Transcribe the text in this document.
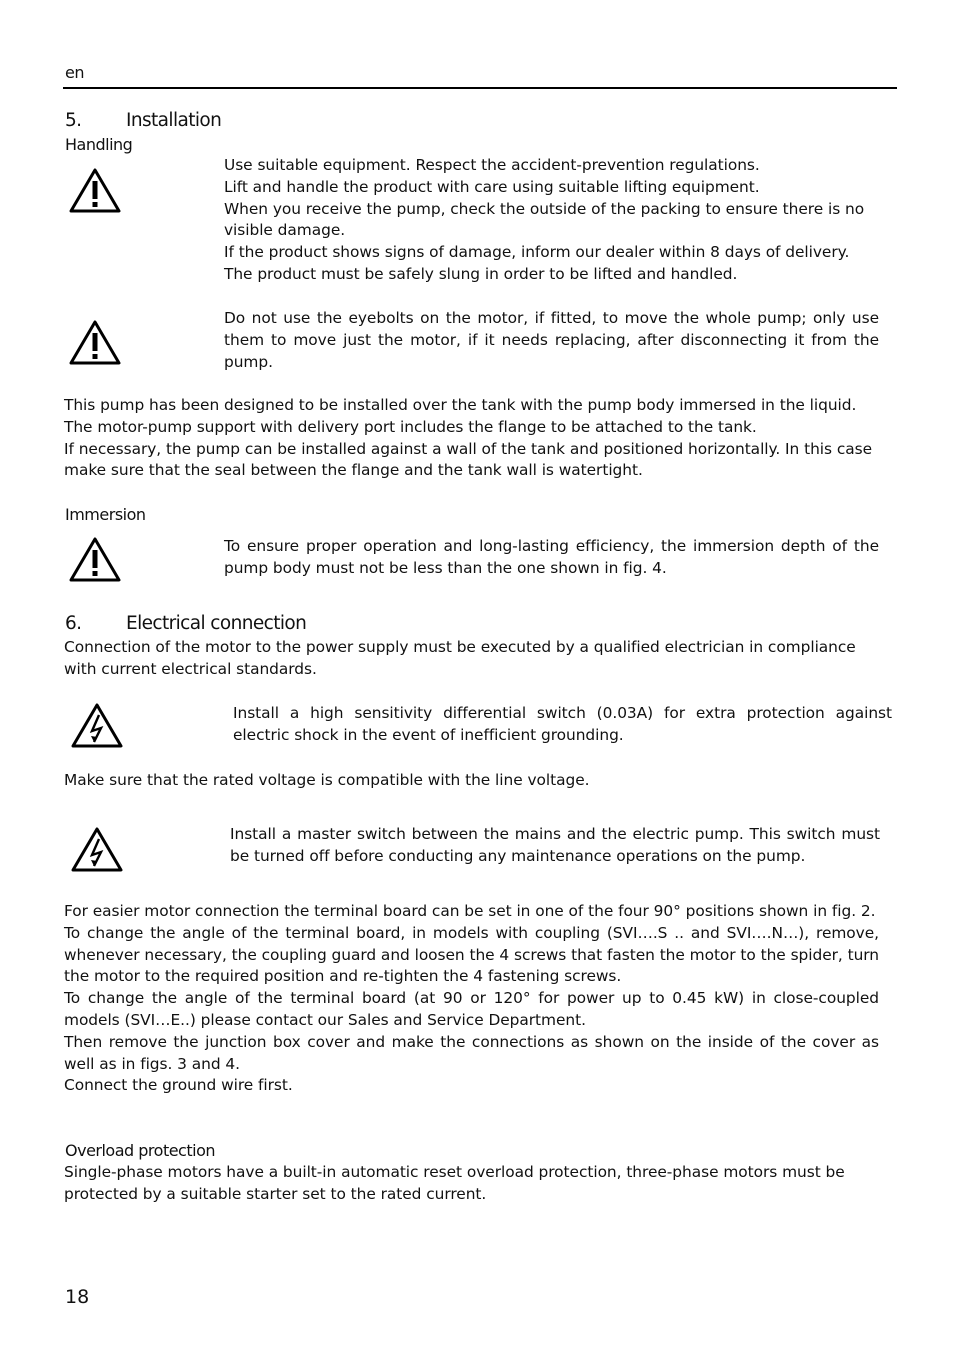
en
5. Installation
Handling
Use suitable equipment. Respect the accident-prevention regulations.
Lift and handle the product with care using suitable lifting equipment.
When you receive the pump, check the outside of the packing to ensure there is no visible damage.
If the product shows signs of damage, inform our dealer within 8 days of delivery.
The product must be safely slung in order to be lifted and handled.
Do not use the eyebolts on the motor, if fitted, to move the whole pump; only use them to move just the motor, if it needs replacing, after disconnecting it from the pump.
This pump has been designed to be installed over the tank with the pump body immersed in the liquid.
The motor-pump support with delivery port includes the flange to be attached to the tank.
If necessary, the pump can be installed against a wall of the tank and positioned horizontally. In this case make sure that the seal between the flange and the tank wall is watertight.
Immersion
To ensure proper operation and long-lasting efficiency, the immersion depth of the pump body must not be less than the one shown in fig. 4.
6. Electrical connection
Connection of the motor to the power supply must be executed by a qualified electrician in compliance with current electrical standards.
Install a high sensitivity differential switch (0.03A) for extra protection against electric shock in the event of inefficient grounding.
Make sure that the rated voltage is compatible with the line voltage.
Install a master switch between the mains and the electric pump. This switch must be turned off before conducting any maintenance operations on the pump.
For easier motor connection the terminal board can be set in one of the four 90° positions shown in fig. 2.
To change the angle of the terminal board, in models with coupling (SVI….S .. and SVI….N…), remove, whenever necessary, the coupling guard and loosen the 4 screws that fasten the motor to the spider, turn the motor to the required position and re-tighten the 4 fastening screws.
To change the angle of the terminal board (at 90 or 120° for power up to 0.45 kW) in close-coupled models (SVI…E..) please contact our Sales and Service Department.
Then remove the junction box cover and make the connections as shown on the inside of the cover as well as in figs. 3 and 4.
Connect the ground wire first.
Overload protection
Single-phase motors have a built-in automatic reset overload protection, three-phase motors must be protected by a suitable starter set to the rated current.
18
